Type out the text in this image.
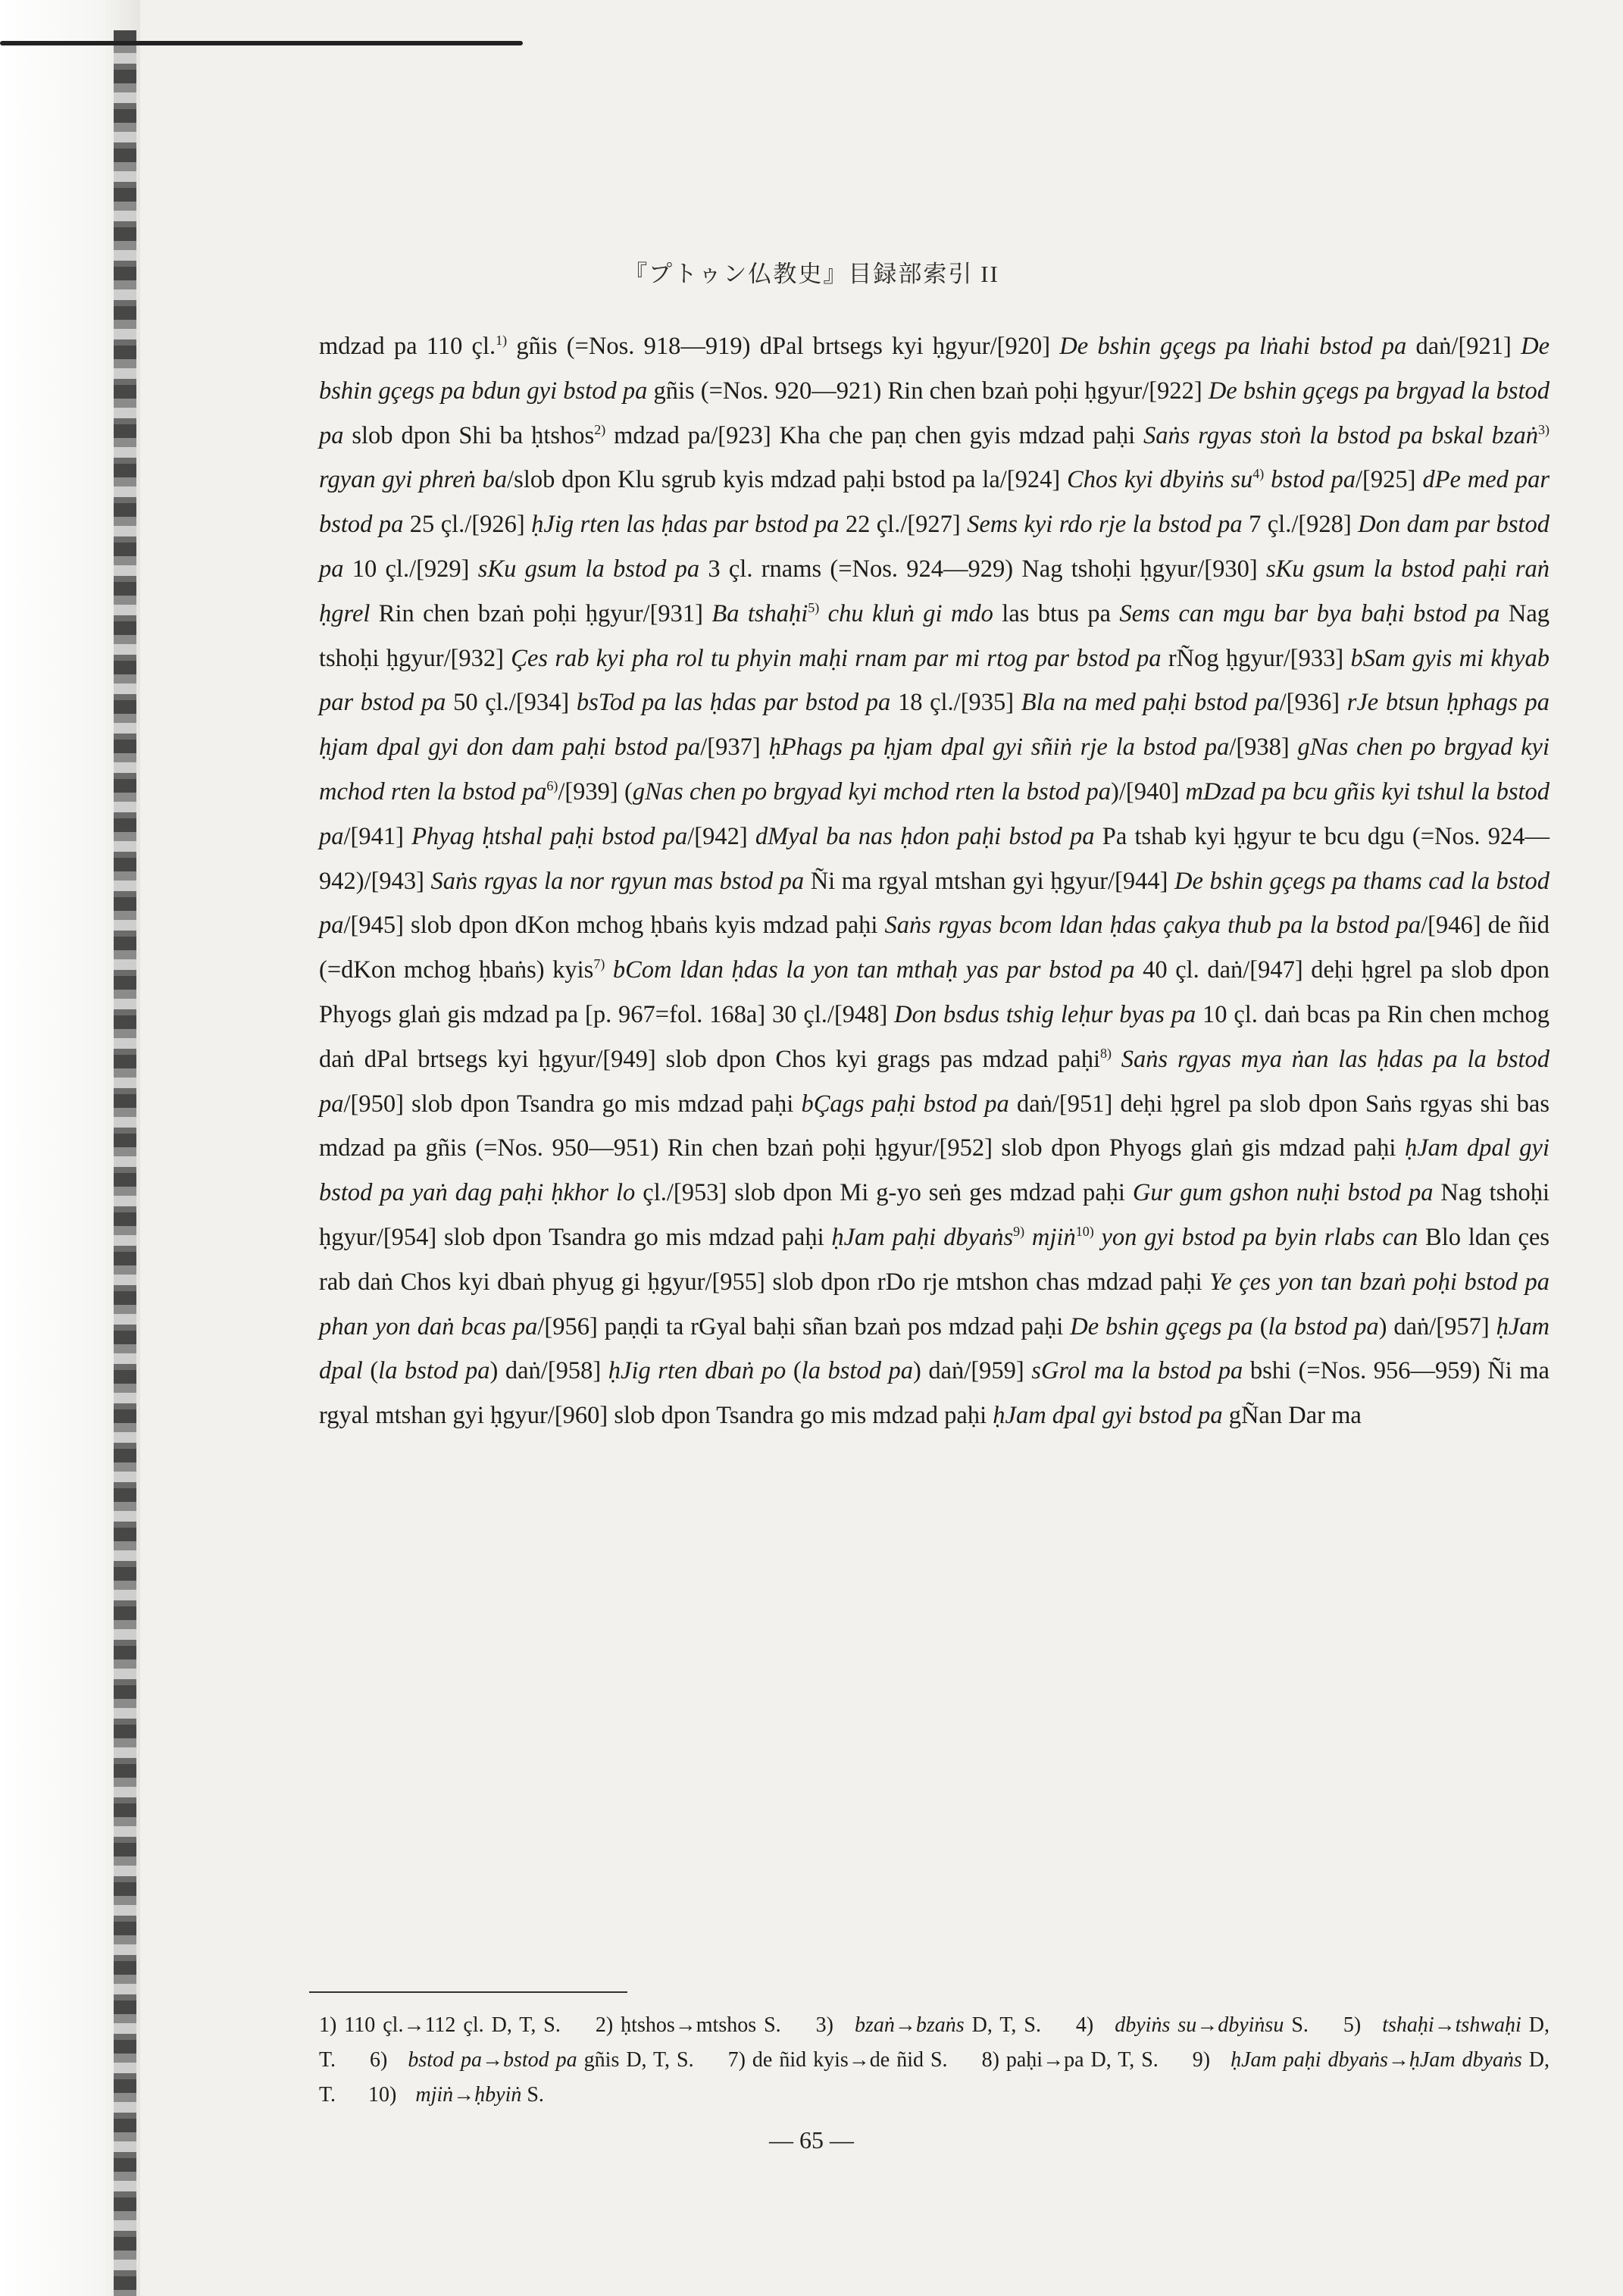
『プトゥン仏教史』目録部索引 II

mdzad pa 110 çl.$^{1)}$ gñis (=Nos. 918—919) dPal brtsegs kyi ḥgyur/[920] De bshin gçegs pa lṅahi bstod pa daṅ/[921] De bshin gçegs pa bdun gyi bstod pa gñis (=Nos. 920—921) Rin chen bzaṅ poḥi ḥgyur/[922] De bshin gçegs pa brgyad la bstod pa slob dpon Shi ba ḥtshos$^{2)}$ mdzad pa/[923] Kha che paṇ chen gyis mdzad paḥi Saṅs rgyas stoṅ la bstod pa bskal bzaṅ$^{3)}$ rgyan gyi phreṅ ba/slob dpon Klu sgrub kyis mdzad paḥi bstod pa la/[924] Chos kyi dbyiṅs $su^{4)}$ bstod pa/[925] dPe med par bstod pa 25 çl./[926] ḥJig rten las ḥdas par bstod pa 22 çl./[927] Sems kyi rdo rje la bstod pa 7 çl./[928] Don dam par bstod pa 10 çl./[929] sKu gsum la bstod pa 3 çl. rnams (=Nos. 924—929) Nag tshoḥi ḥgyur/[930] sKu gsum la bstod paḥi raṅ ḥgrel Rin chen bzaṅ poḥi ḥgyur/[931] Ba tshaḥi$^{5)}$ chu kluṅ gi mdo las btus pa Sems can mgu bar bya baḥi bstod pa Nag tshoḥi ḥgyur/[932] Çes rab kyi pha rol tu phyin maḥi rnam par mi rtog par bstod pa rÑog ḥgyur/[933] bSam gyis mi khyab par bstod pa 50 çl./[934] bsTod pa las ḥdas par bstod pa 18 çl./[935] Bla na med paḥi bstod pa/[936] rJe btsun ḥphags pa ḥjam dpal gyi don dam paḥi bstod pa/[937] ḥPhags pa ḥjam dpal gyi sñiṅ rje la bstod pa/[938] gNas chen po brgyad kyi mchod rten la bstod $pa^{6)}/[939]$ (gNas chen po brgyad kyi mchod rten la bstod pa)/[940] mDzad pa bcu gñis kyi tshul la bstod pa/[941] Phyag ḥtshal paḥi bstod pa/[942] dMyal ba nas ḥdon paḥi bstod pa Pa tshab kyi ḥgyur te bcu dgu (=Nos. 924—942)/[943] Saṅs rgyas la nor rgyun mas bstod pa Ñi ma rgyal mtshan gyi ḥgyur/[944] De bshin gçegs pa thams cad la bstod pa/[945] slob dpon dKon mchog ḥbaṅs kyis mdzad paḥi Saṅs rgyas bcom ldan ḥdas çakya thub pa la bstod pa/[946] de ñid (=dKon mchog ḥbaṅs) kyis$^{7)}$ bCom ldan ḥdas la yon tan mthaḥ yas par bstod pa 40 çl. daṅ/[947] deḥi ḥgrel pa slob dpon Phyogs glaṅ gis mdzad pa [p. 967=fol. 168a] 30 çl./[948] Don bsdus tshig leḥur byas pa 10 çl. daṅ bcas pa Rin chen mchog daṅ dPal brtsegs kyi ḥgyur/[949] slob dpon Chos kyi grags pas mdzad paḥi$^{8)}$ Saṅs rgyas mya ṅan las ḥdas pa la bstod pa/[950] slob dpon Tsandra go mis mdzad paḥi bÇags paḥi bstod pa daṅ/[951] deḥi ḥgrel pa slob dpon Saṅs rgyas shi bas mdzad pa gñis (=Nos. 950—951) Rin chen bzaṅ poḥi ḥgyur/[952] slob dpon Phyogs glaṅ gis mdzad paḥi ḥJam dpal gyi bstod pa yaṅ dag paḥi ḥkhor lo çl./[953] slob dpon Mi g-yo seṅ ges mdzad paḥi Gur gum gshon nuḥi bstod pa Nag tshoḥi ḥgyur/[954] slob dpon Tsandra go mis mdzad paḥi ḥJam paḥi dbyaṅs$^{9)}$ mjiṅ$^{10)}$ yon gyi bstod pa byin rlabs can Blo ldan çes rab daṅ Chos kyi dbaṅ phyug gi ḥgyur/[955] slob dpon rDo rje mtshon chas mdzad paḥi Ye çes yon tan bzaṅ poḥi bstod pa phan yon daṅ bcas pa/[956] paṇḍi ta rGyal baḥi sñan bzaṅ pos mdzad paḥi De bshin gçegs pa (la bstod pa) daṅ/[957] ḥJam dpal (la bstod pa) daṅ/[958] ḥJig rten dbaṅ po (la bstod pa) daṅ/[959] sGrol ma la bstod pa bshi (=Nos. 956—959) Ñi ma rgyal mtshan gyi ḥgyur/[960] slob dpon Tsandra go mis mdzad paḥi ḥJam dpal gyi bstod pa gÑan Dar ma

1) 110 çl.→112 çl. D, T, S. 2) ḥtshos→mtshos S. 3) bzaṅ→bzaṅs D, T, S. 4) dbyiṅs su→dbyiṅsu S. 5) tshaḥi→tshwaḥi D, T. 6) bstod pa→bstod pa gñis D, T, S. 7) de ñid kyis→de ñid S. 8) paḥi→pa D, T, S. 9) ḥJam paḥi dbyaṅs→ḥJam dbyaṅs D, T. 10) mjiṅ→ḥbyiṅ S.
— 65 —
